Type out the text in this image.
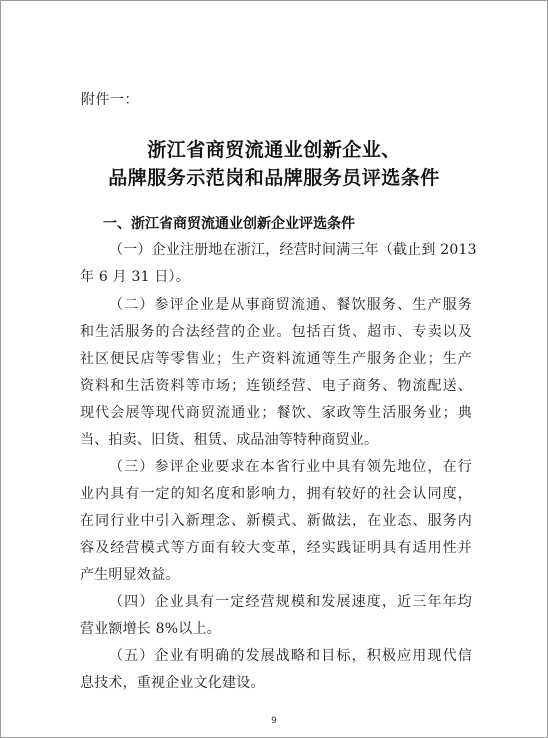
附件一：
浙江省商贸流通业创新企业、
品牌服务示范岗和品牌服务员评选条件
一、浙江省商贸流通业创新企业评选条件
（一）企业注册地在浙江，经营时间满三年（截止到 2013
年 6 月 31 日）。
（二）参评企业是从事商贸流通、餐饮服务、生产服务
和生活服务的合法经营的企业。包括百货、超市、专卖以及
社区便民店等零售业；生产资料流通等生产服务企业；生产
资料和生活资料等市场；连锁经营、电子商务、物流配送、
现代会展等现代商贸流通业；餐饮、家政等生活服务业；典
当、拍卖、旧货、租赁、成品油等特种商贸业。
（三）参评企业要求在本省行业中具有领先地位，在行
业内具有一定的知名度和影响力，拥有较好的社会认同度，
在同行业中引入新理念、新模式、新做法，在业态、服务内
容及经营模式等方面有较大变革，经实践证明具有适用性并
产生明显效益。
（四）企业具有一定经营规模和发展速度，近三年年均
营业额增长 8%以上。
（五）企业有明确的发展战略和目标，积极应用现代信
息技术，重视企业文化建设。
9
